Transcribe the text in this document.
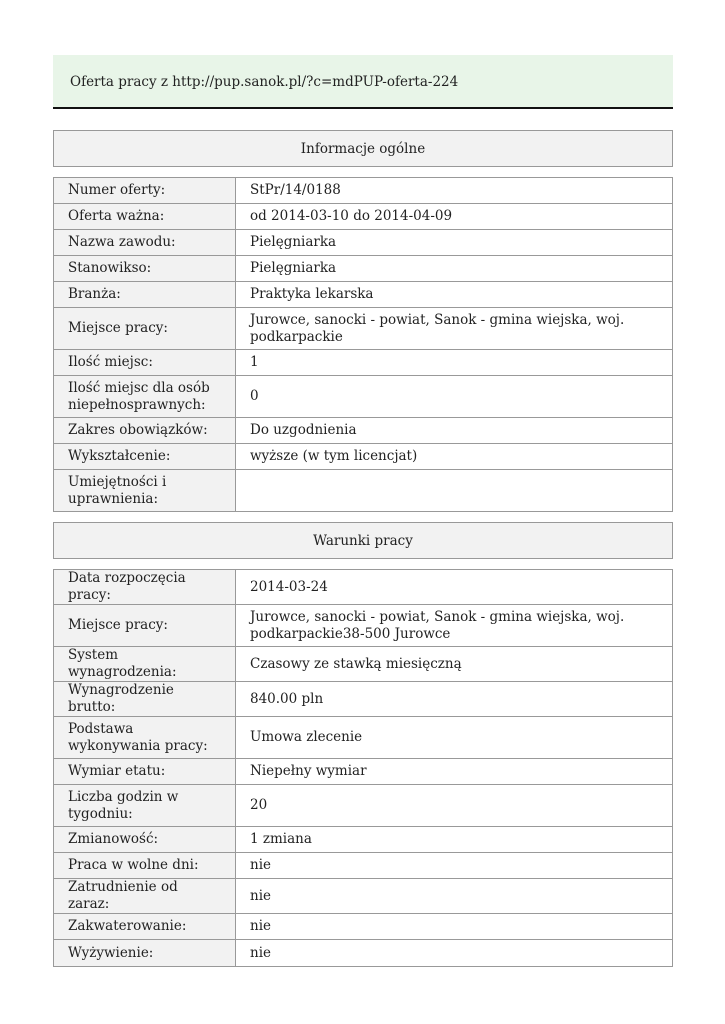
Oferta pracy z http://pup.sanok.pl/?c=mdPUP-oferta-224
Informacje ogólne
Numer oferty:	StPr/14/0188
Oferta ważna:	od 2014-03-10 do 2014-04-09
Nazwa zawodu:	Pielęgniarka
Stanowikso:	Pielęgniarka
Branża:	Praktyka lekarska
Miejsce pracy:	Jurowce, sanocki - powiat, Sanok - gmina wiejska, woj. podkarpackie
Ilość miejsc:	1
Ilość miejsc dla osób niepełnosprawnych:	0
Zakres obowiązków:	Do uzgodnienia
Wykształcenie:	wyższe (w tym licencjat)
Umiejętności i uprawnienia:	
Warunki pracy
Data rozpoczęcia pracy:	2014-03-24
Miejsce pracy:	Jurowce, sanocki - powiat, Sanok - gmina wiejska, woj. podkarpackie38-500 Jurowce
System wynagrodzenia:	Czasowy ze stawką miesięczną
Wynagrodzenie brutto:	840.00 pln
Podstawa wykonywania pracy:	Umowa zlecenie
Wymiar etatu:	Niepełny wymiar
Liczba godzin w tygodniu:	20
Zmianowość:	1 zmiana
Praca w wolne dni:	nie
Zatrudnienie od zaraz:	nie
Zakwaterowanie:	nie
Wyżywienie:	nie
